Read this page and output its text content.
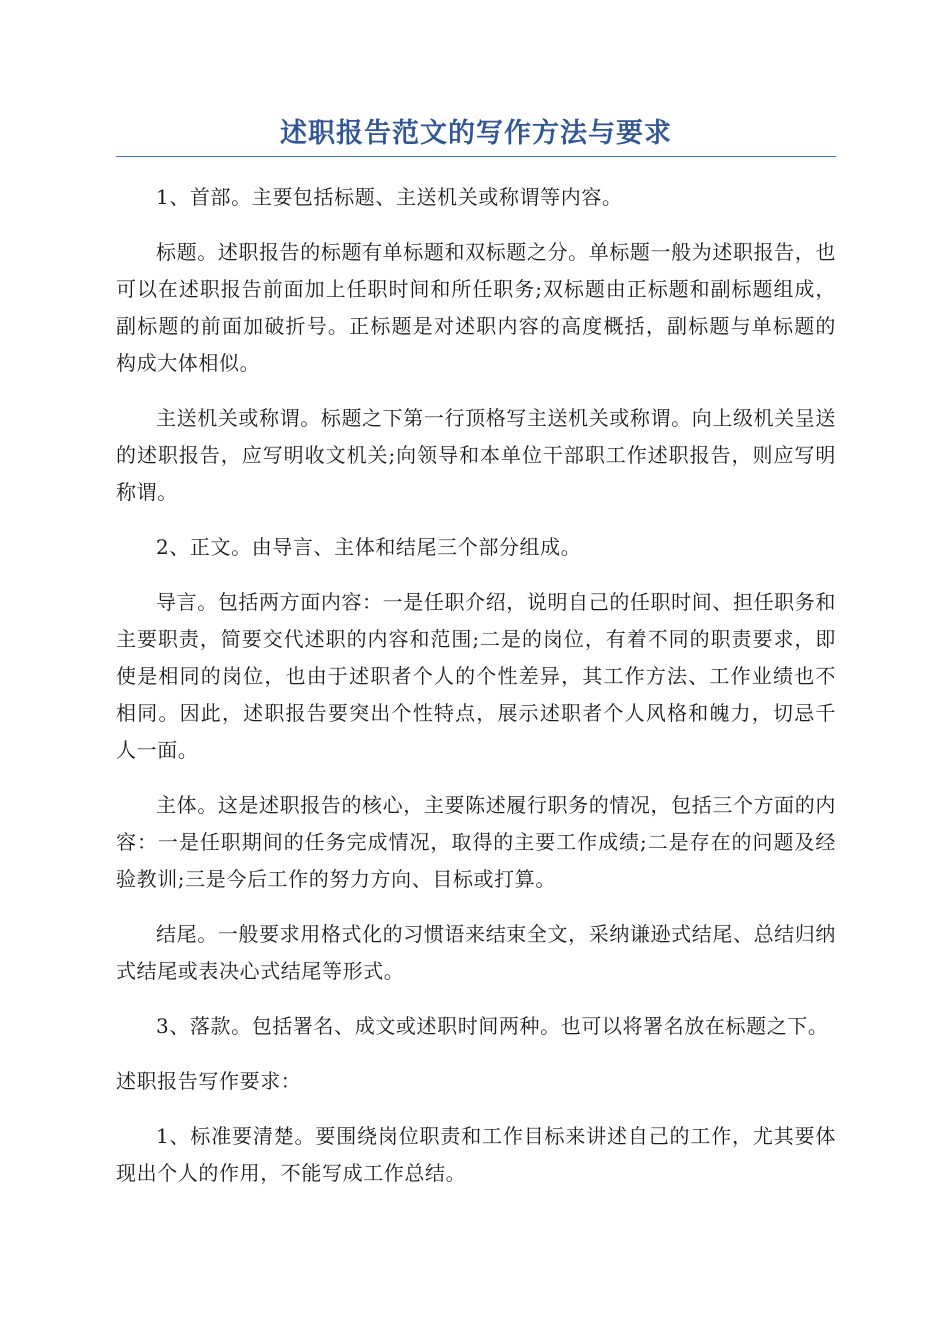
述职报告范文的写作方法与要求

1、首部。主要包括标题、主送机关或称谓等内容。

标题。述职报告的标题有单标题和双标题之分。单标题一般为述职报告，也可以在述职报告前面加上任职时间和所任职务;双标题由正标题和副标题组成，副标题的前面加破折号。正标题是对述职内容的高度概括，副标题与单标题的构成大体相似。

主送机关或称谓。标题之下第一行顶格写主送机关或称谓。向上级机关呈送的述职报告，应写明收文机关;向领导和本单位干部职工作述职报告，则应写明称谓。

2、正文。由导言、主体和结尾三个部分组成。

导言。包括两方面内容：一是任职介绍，说明自己的任职时间、担任职务和主要职责，简要交代述职的内容和范围;二是的岗位，有着不同的职责要求，即使是相同的岗位，也由于述职者个人的个性差异，其工作方法、工作业绩也不相同。因此，述职报告要突出个性特点，展示述职者个人风格和魄力，切忌千人一面。

主体。这是述职报告的核心，主要陈述履行职务的情况，包括三个方面的内容：一是任职期间的任务完成情况，取得的主要工作成绩;二是存在的问题及经验教训;三是今后工作的努力方向、目标或打算。

结尾。一般要求用格式化的习惯语来结束全文，采纳谦逊式结尾、总结归纳式结尾或表决心式结尾等形式。

3、落款。包括署名、成文或述职时间两种。也可以将署名放在标题之下。

述职报告写作要求：

1、标准要清楚。要围绕岗位职责和工作目标来讲述自己的工作，尤其要体现出个人的作用，不能写成工作总结。
